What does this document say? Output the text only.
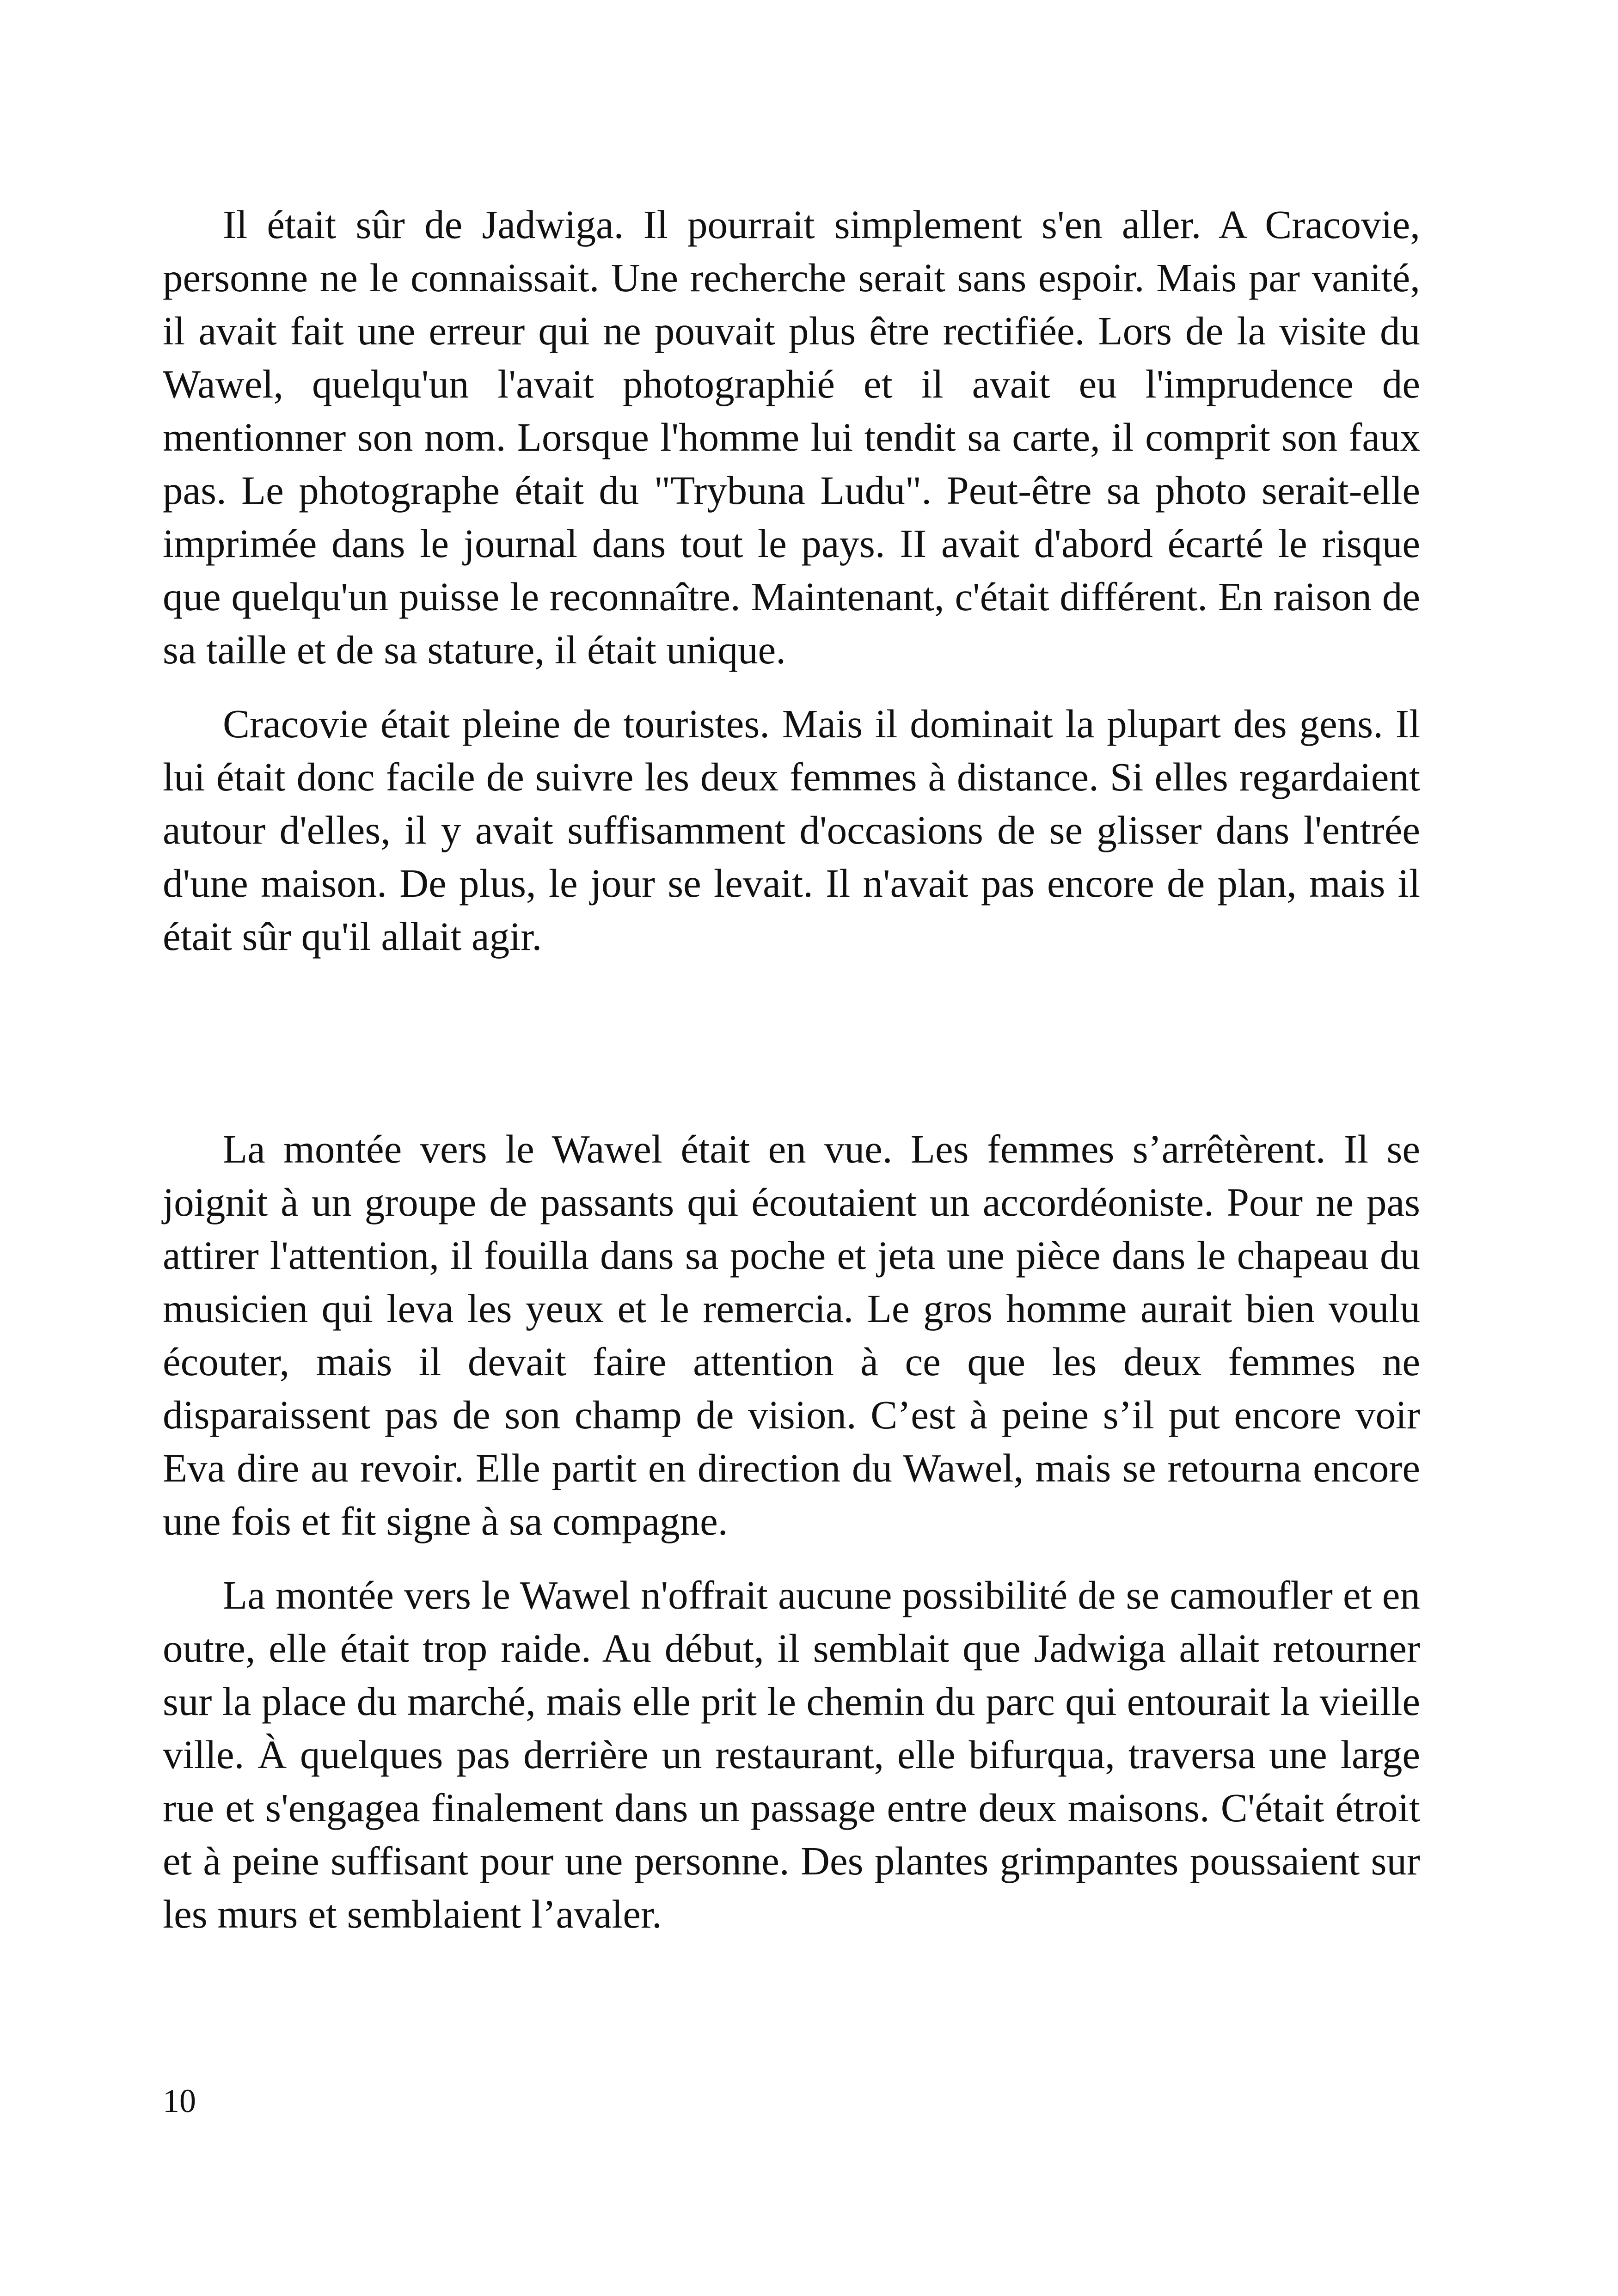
Il était sûr de Jadwiga. Il pourrait simplement s'en aller. A Cracovie, personne ne le connaissait. Une recherche serait sans espoir. Mais par vanité, il avait fait une erreur qui ne pouvait plus être rectifiée. Lors de la visite du Wawel, quelqu'un l'avait photographié et il avait eu l'imprudence de mentionner son nom. Lorsque l'homme lui tendit sa carte, il comprit son faux pas. Le photographe était du "Trybuna Ludu". Peut-être sa photo serait-elle imprimée dans le journal dans tout le pays. II avait d'abord écarté le risque que quelqu'un puisse le reconnaître. Maintenant, c'était différent. En raison de sa taille et de sa stature, il était unique.

Cracovie était pleine de touristes. Mais il dominait la plupart des gens. Il lui était donc facile de suivre les deux femmes à distance. Si elles regardaient autour d'elles, il y avait suffisamment d'occasions de se glisser dans l'entrée d'une maison. De plus, le jour se levait. Il n'avait pas encore de plan, mais il était sûr qu'il allait agir.

La montée vers le Wawel était en vue. Les femmes s’arrêtèrent. Il se joignit à un groupe de passants qui écoutaient un accordéoniste. Pour ne pas attirer l'attention, il fouilla dans sa poche et jeta une pièce dans le chapeau du musicien qui leva les yeux et le remercia. Le gros homme aurait bien voulu écouter, mais il devait faire attention à ce que les deux femmes ne disparaissent pas de son champ de vision. C’est à peine s’il put encore voir Eva dire au revoir. Elle partit en direction du Wawel, mais se retourna encore une fois et fit signe à sa compagne.

La montée vers le Wawel n'offrait aucune possibilité de se camoufler et en outre, elle était trop raide. Au début, il semblait que Jadwiga allait retourner sur la place du marché, mais elle prit le chemin du parc qui entourait la vieille ville. À quelques pas derrière un restaurant, elle bifurqua, traversa une large rue et s'engagea finalement dans un passage entre deux maisons. C'était étroit et à peine suffisant pour une personne. Des plantes grimpantes poussaient sur les murs et semblaient l’avaler.

10
